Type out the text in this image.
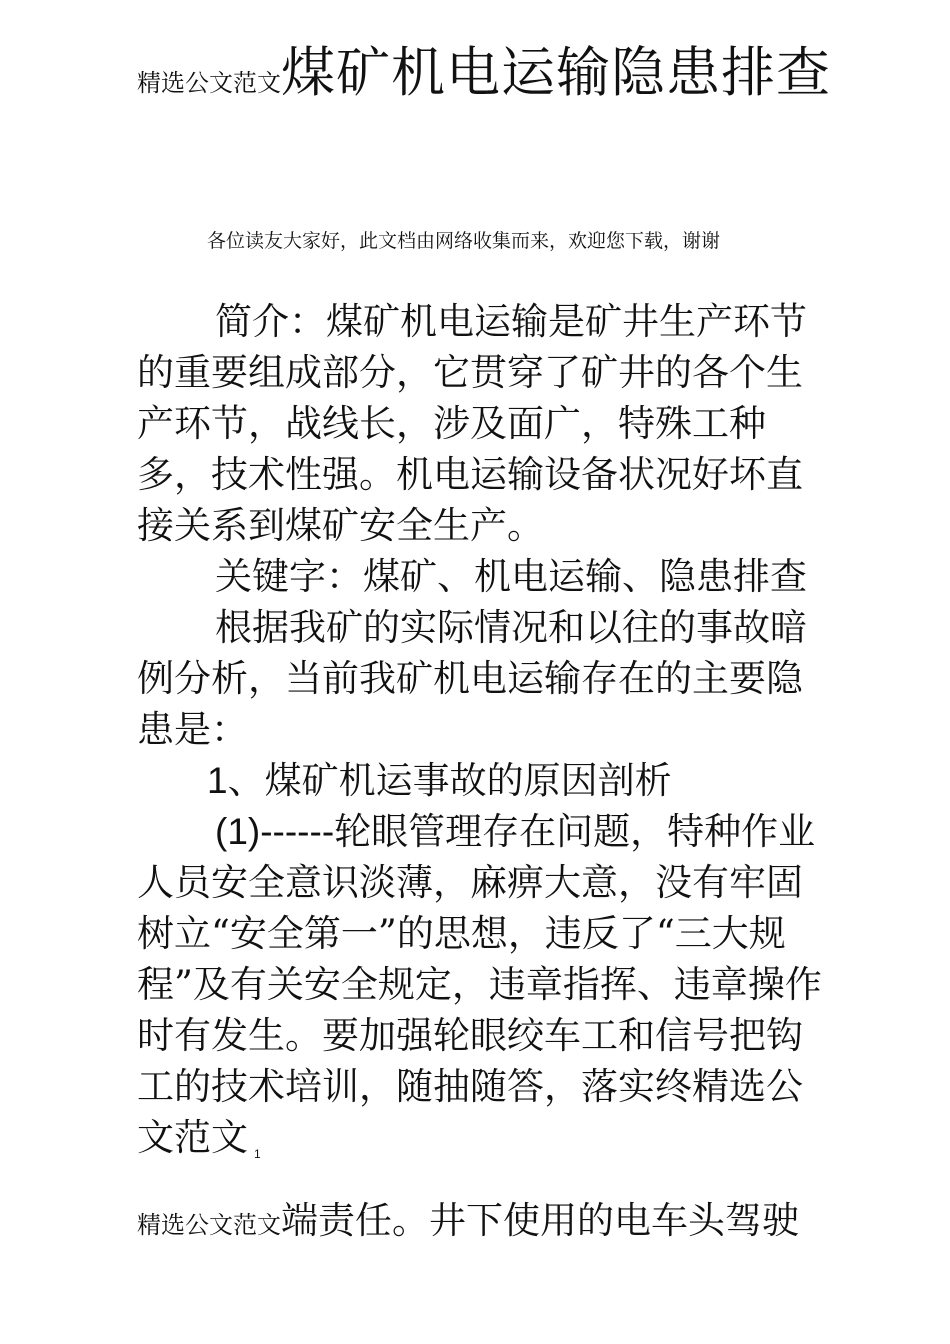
精选公文范文煤矿机电运输隐患排查
各位读友大家好，此文档由网络收集而来，欢迎您下载，谢谢

简介：煤矿机电运输是矿井生产环节的重要组成部分，它贯穿了矿井的各个生产环节，战线长，涉及面广，特殊工种多，技术性强。机电运输设备状况好坏直接关系到煤矿安全生产。

关键字：煤矿、机电运输、隐患排查

根据我矿的实际情况和以往的事故暗例分析，当前我矿机电运输存在的主要隐患是：

1、煤矿机运事故的原因剖析

(1)------轮眼管理存在问题，特种作业人员安全意识淡薄，麻痹大意，没有牢固树立“安全第一”的思想，违反了“三大规程”及有关安全规定，违章指挥、违章操作时有发生。要加强轮眼绞车工和信号把钩工的技术培训，随抽随答，落实终精选公文范文 $_1$

精选公文范文端责任。井下使用的电车头驾驶
